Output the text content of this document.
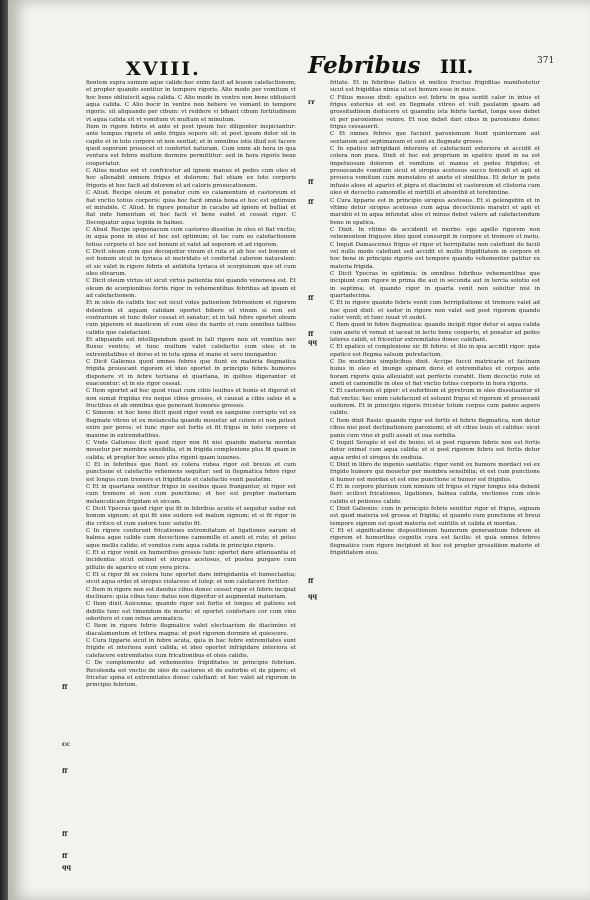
XVIII.	Febribus III.	371
ff
ff
ff
ff
cc
qq
rr
ff
ff
ff
ff
qq
ff
qq

fientem supra sumum aque calide:hoc enim facit ad leuem calefactionem; et propter quando sentitur in tempore rigoris. Alio modo per vomitum vt hoc bene obliuiscit aqua calida. C Alio modo in ventre non bene obliuiscit aqua calida. C Alio bocir in ventre non bebere ve vomant in tempore rigoris. sit aliquando per cibum: vt reddere vi bibant cibum fortitudinem vt aqua calida sit vt vomitum vt multum et minutum.

Item in rigore febris et ante et post ipsum hec diligenter inspiciantur: ante tempus rigoris et ante frigus soporo sit: et post ipsum dolor sit in capite et in toto corpore ut non sentiat; et in omnibus istis illud est facere quod soporum prouocet et confortet naturam. Cum enim ab hora in qua ventura est febris multum dormire permittitur: sed in hora rigoris bene cooperiatur.

C Alius modus est vt confricetur ad ignem manus et pedes cum oleo et hoc allenabit omnem frigus et dolorem; fiat etiam ex toto corporis frigoris et hoc facit ad dolorem et ad caloris prouocationem.

C Aliud. Recipe oleum et ponatur cum eo calamentum et castoreum et fiat vnctio totius corporis: quia hoc facit omnia bona et hoc est optimum et mirabile. C Aliud. In rigore ponatur in cacabo ad ignem et bulliat et fiat inde fomentum et hoc facit vt bene sudet et cessat rigor. C Decoquatur aqua tepida in balneo.

C Aliud. Recipe opoponacum cum castoreo dissolue in oleo et fiat vnctio; in aqua pone in oleo et hoc est optimum; et fac cum eo calefactionem totius corporis et hoc est bonum et valet ad soporem et ad rigorem.

C Dicit oleum cum quo decoquitur vinum et ruta et ab hoc est bonum et est bonum sicut in tyriaca et metridato et confortat calorem naturalem: et sic valet in rigore febris et antidota tyriaca et scorpionum que sit cum oleo olivarum.

C Dicit oleum virtus sit sicut virtus patientia nisi quando venenosa est. Et oleum de scorpionibus fortis rigor in vehementibus febribus ad ipsum et ad calefactionem.

Et in oleis de calidis hoc est sicut vides patientem febrientem et rigorem dolentem et aquam calidam oportet bibere et vinum si non est contrarium et tunc dolor cessat et sanatur; et in tali febre oportet oleum cum piperem et masticem et cum oleo de nardo et cum omnibus talibus calidis que calefaciunt.

Et aliquando est intelligendum quod in tali rigore non sit vomitus nec fluxus ventris; et tunc multum valet calefactio cum oleo et in extremitatibus et dorso et in tota spina et mane et sero inungantur.

C Dicit Galienus quod omnes febres que fiunt ex materia flegmatica frigida prouocant rigorem et ideo oportet in principio febris humores disponere vt in febre tertiana et quartana, in quibus digerantur et euacuentur; et in eis rigor cessat.

C Item oportet ad hoc quod viuat cum cibis leuibus et bonis et digerat et non sumat frigidas res neque cibos grossos, et caueat a cibis salsis et a fructibus et ab omnibus que generant humores grossos.

C Simeon: et hoc bene dicit quod rigor venit ex sanguine corrupto vel ex flegmate vitreo et ex melancolia quando mouetur ad cutem et non potest exire per poros; et tunc rigor est fortis et fit frigus in toto corpore et maxime in extremitatibus.

C Vnde Galienus dicit quod rigor non fit nisi quando materia mordax mouetur per membra sensibilia, et in frigida complexione plus fit quam in calida; et propter hoc senes plus rigent quam iuuenes.

C Et in febribus que fiunt ex colera rubea rigor est breuis et cum punctione et calefactio vehemens sequitur: sed in flegmatica febre rigor est longus cum tremore et frigiditate et calefactio venit paulatim.

C Et in quartana sentitur frigus in ossibus quasi frangantur, et rigor est cum tremore et non cum punctione; et hoc est propter materiam melancolicam frigidam et siccam.

C Dicit Ypocras quod rigor qui fit in febribus acutis et sequitur sudor est bonum signum; et qui fit sine sudore est malum signum; et si fit rigor in die critico et cum sudore tunc solutio fit.

C In rigore conferunt fricationes extremitatum et ligationes earum et balnea aque calide cum decoctione camomille et aneti et rute; et potus aque mellis calide; et vomitus cum aqua calida in principio rigoris.

C Et si rigor venit ex humoribus grossis tunc oportet dare attenuantia et incidentia: sicut oximel et siropus acetosus, et postea purgare cum pillulis de agarico et cum yera picra.

C Et si rigor fit ex colera tunc oportet dare infrigidantia et humectantia; sicut aqua ordei et siropus violaceus et iulep: et non calefacere fortiter.

C Item in rigore non est dandus cibus donec cesset rigor et febris incipiat declinare: quia cibus tunc datus non digeritur et augmentat materiam.

C Item dixit Auicenna: quando rigor est fortis et longus et patiens est debilis tunc est timendum de morte; et oportet confortare cor cum vino odorifero et cum rebus aromaticis.

C Item in rigore febris flegmatice valet electuarium de diacimino et diacalamentum et trifera magna: et post rigorem dormire et quiescere.

C Cura lipparie sicut in febre acuta, quia in hac febre extremitates sunt frigide et interiora sunt calida; et ideo oportet infrigidare interiora et calefacere extremitates cum fricationibus et oleis calidis.

C De complemento ad vehementes frigiditates in principio febrium. Recolenda est vnctio de oleo de castoreo et de euforbio et de pipere; et fricetur spina et extremitates donec calefiant: et hoc valet ad rigorem in principio febrium.

fritate. Et in febribus flatico et melico fructus frigiditas manifestetur sicut est frigiditas nimia ut est bonum esse in nuce.

C Filius mesue dixit: epatico est febris in qua sentit calor in intus et frigus exterius et est ex flegmate vitreo et vult paulatim ipsam ad grossitudinem deducere et quamdiu ista febris tardat, longa esse debet et per paroxismos venire. Et non debet dari cibus in paroxismo donec frigus cessauerit.

C Et omnes febres que faciunt paroxismum fiunt quinternum aut sextanum aut septimanum et sunt ex flegmate grosso.

C In epatico infrigidant interiora et calefaciunt exteriora et accidit et colera non pura. Dixit et hoc est proprium in epatico quod in ea est impetuosum dolorem et vomitum et manus et pedes frigidos; et prouocando vomitum sicut et siropus acetosus succo feniculi et apii et prouoca vomitum cum menstatro et aneto et similibus. Et detur in potu infusio aloes et agarici et pigra et diacimini et castoreum et clisteria cum oleo et decoctio camomille et mirtilli et absinthii et terebintine.

C Cura lipparie est in principio siropus acetosus. Et si gelengebin et in vltimo detur siropus acetosus cum aqua decoctionis maratri et apii et marubii et in aqua infundat aloe et minus debet valere ad calefaciendum bene in epatica.

C Dixit. In vltimo de accidenti et morbo: ego apello rigorem non vehementem frigusve ideo quod consurgit in corpore et tremore et motu. C Inquit Damascenus frigus et rigor et horripilatio non calefiunt de facili vel nullo modo calefiunt sed accidit et multo frigiditatem in corpore et hoc bene in principio rigoris est tempore quando vehementer patitur ex materia frigida.

C Dicit Ypocras in epidimia: in omnibus febribus vehementibus que incipiunt cum rigore in prima die aut in secunda aut in tercia solutio est in septima; et quando rigor in quarta venit non soluitur nisi in quartadecima.

C Et in rigore quando febris venit cum horripilatione et tremore valet ad hoc quod dixit: et sudor in rigore non valet sed post rigorem quando calor venit; et tunc iuuat vt sudet.

C Item quod in febre flegmatica: quando incipit rigor detur ei aqua calida cum aneto vt vomat et iaceat in lecto bene cooperto, et ponatur ad pedes lateres calidi, et fricentur extremitates donec calefiant.

C Et epatico et complexione sic fit febris: et ilio in qua accidit rigor: quia epatico est flegma salsum putrefactum.

C De medicinis simplicibus dixit. Accipe fuccii matricarie et facinum huius in oleo et inunge spinam dorsi et extremitates et corpus ante horam rigoris quia alleuiabit aut perfecte curabit. Item decoctio rute et aneti et camomille in oleo et fiat vnctio totius corporis in hora rigoris.

C Et castoreum et piper: et euforbium et pyretrum in oleo dissoluantur et fiat vnctio: hec enim calefaciunt et soluunt frigus et rigorem et prouocant sudorem. Et in principio rigoris fricetur totum corpus cum panno aspero calido.

C Item dixit Rasis: quando rigor est fortis et febris flegmatica, non detur cibus nisi post declinationem paroxismi; et sit cibus leuis et calidus: sicut panis cum vino et pulli assati et oua sorbilia.

C Inquit Serapio et est de bonis; et si post rigorem febris non est fortis detur oximel cum aqua calida; et si post rigorem febris est fortis detur aqua ordei et siropus de endiuia.

C Dixit in libro de ingenio sanitatis: rigor venit ex humore mordaci vel ex frigido humore qui mouetur per membra sensibilia; et est cum punctione si humor est mordax et est sine punctione si humor est frigidus.

C Et in corpore plurium cum nimium sit frigus et rigor longus ista debent fieri: scilicet fricationes, ligationes, balnea calida, vnctiones cum oleis calidis et potiones calide.

C Dixit Galienus: cum in principio febris sentitur rigor et frigus, signum est quod materia est grossa et frigida; et quando cum punctione et breui tempore signum est quod materia est subtilis et calida et mordax.

C Et et significatione dispositionum humorum generantium febrem et rigorem et humoribus cognitis cura est facilis: et quia omnes febres flegmatice cum rigore incipiunt et hoc est propter grossitiem materie et frigiditatem eius.
